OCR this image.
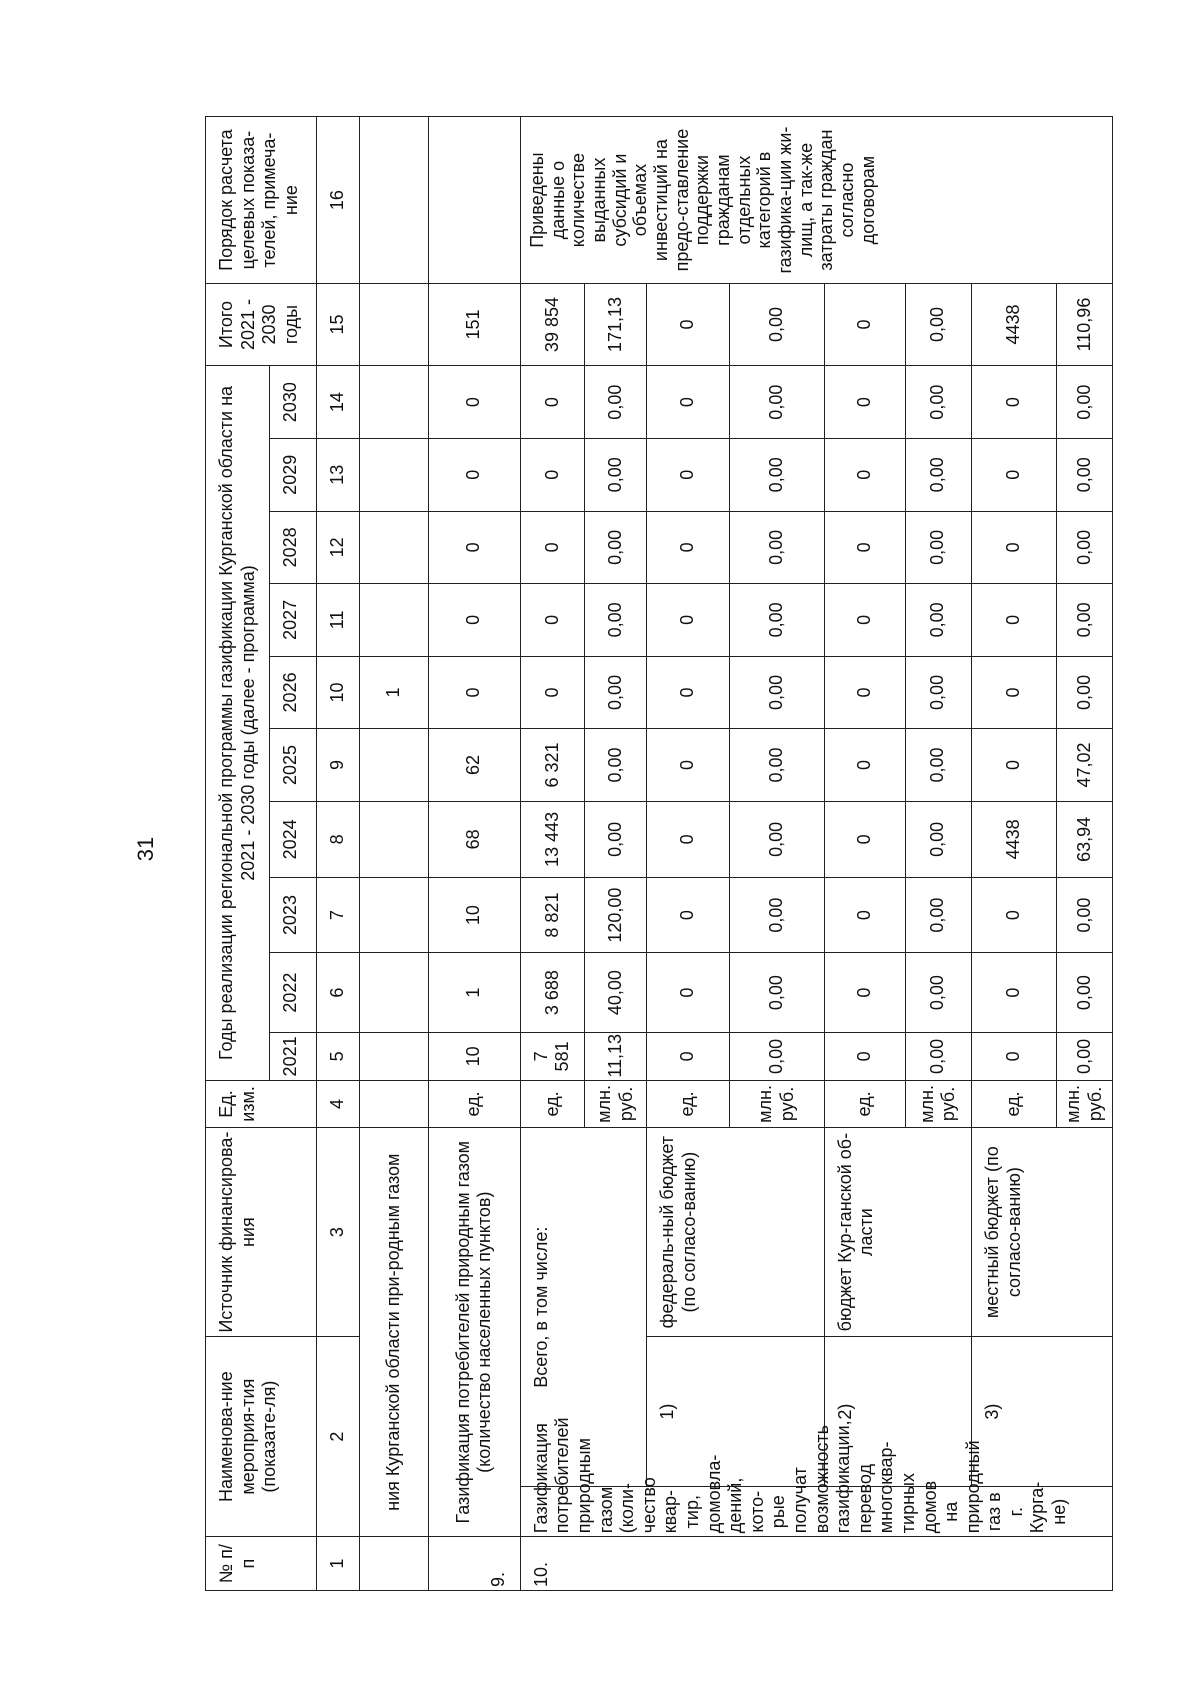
31
№ п/п	Наименова-ние мероприя-тия (показате-ля)		Источник финансирова-ния	Ед. изм.	Годы реализации региональной программы газификации Курганской области на 2021 - 2030 годы (далее - программа)										Итого 2021 - 2030 годы	Порядок расчета целевых показа-телей, примеча-ние	
					2021	2022	2023	2024	2025	2026	2027	2028	2029	2030			
1	2		3	4	5	6	7	8	9	10	11	12	13	14	15	16	
	ния Курганской области при-родным газом									1							
9.	Газификация потребителей природным газом (количество населенных пунктов)			ед.	10	1	10	68	62	0	0	0	0	0	151		
10.	Газификация потребителей природным газом (коли-чество квар-тир, домовла-дений, кото-рые получат возможность газификации, перевод многоквар-тирных домов на природный газ в г. Курга-не)	Всего, в том числе:		ед.	7 581	3 688	8 821	13 443	6 321	0	0	0	0	0	39 854	Приведены данные о количестве выданных субсидий и объемах инвестиций на предо-ставление поддержки гражданам отдельных категорий в газифика-ции жи-лищ, а так-же затраты граждан согласно договорам	
				млн. руб.	11,13	40,00	120,00	0,00	0,00	0,00	0,00	0,00	0,00	0,00	171,13		
		1)	федераль-ный бюджет (по согласо-ванию)	ед.	0	0	0	0	0	0	0	0	0	0	0		
				млн. руб.	0,00	0,00	0,00	0,00	0,00	0,00	0,00	0,00	0,00	0,00	0,00		
		2)	бюджет Кур-ганской об-ласти	ед.	0	0	0	0	0	0	0	0	0	0	0		
				млн. руб.	0,00	0,00	0,00	0,00	0,00	0,00	0,00	0,00	0,00	0,00	0,00		
		3)	местный бюджет (по согласо-ванию)	ед.	0	0	0	4438	0	0	0	0	0	0	4438		
				млн. руб.	0,00	0,00	0,00	63,94	47,02	0,00	0,00	0,00	0,00	0,00	110,96		
